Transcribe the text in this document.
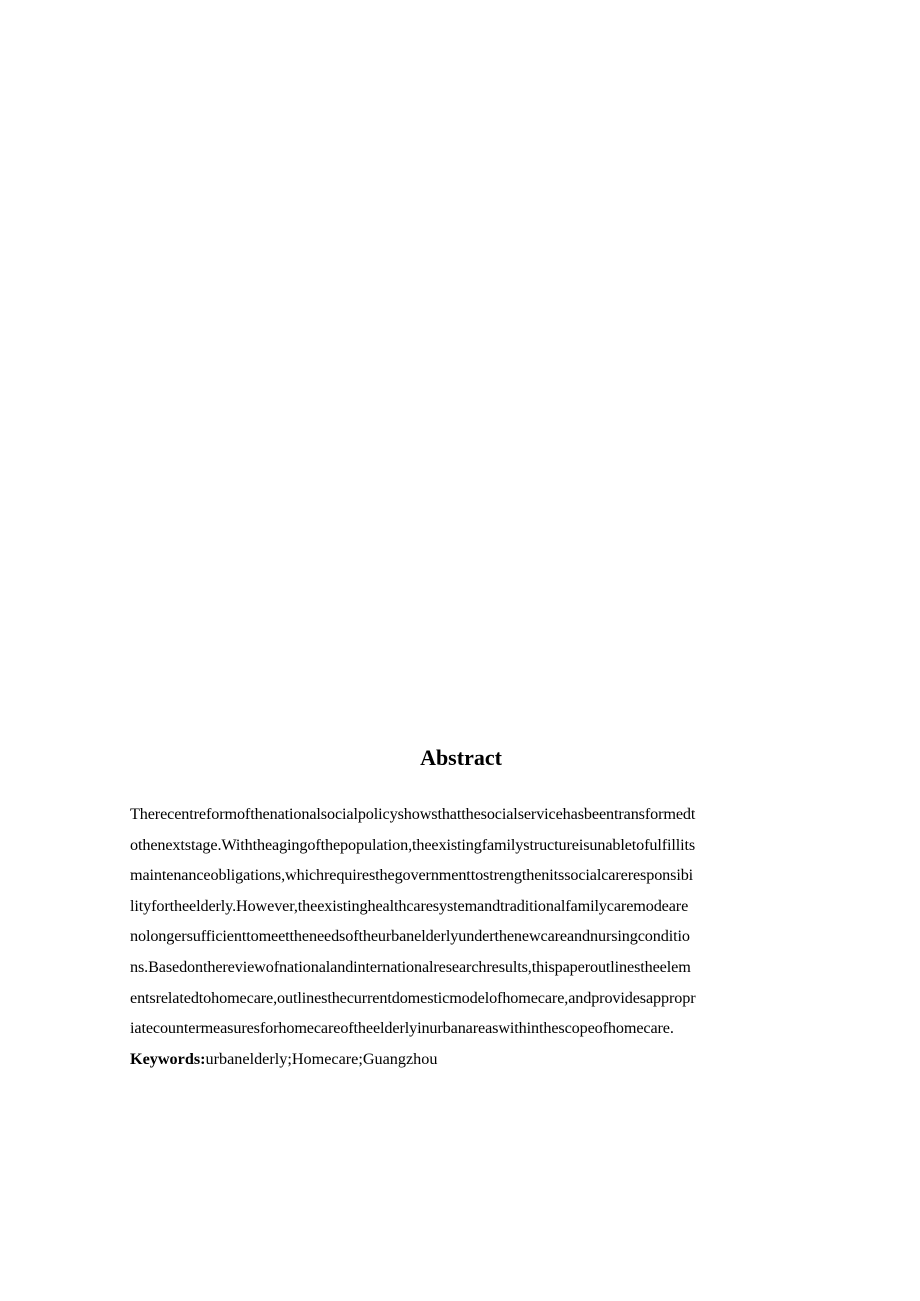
Abstract
Therecentreformofthenationalsocialpolicyshowsthatthesocialservicehasbeentransformedt
othenextstage.Withtheagingofthepopulation,theexistingfamilystructureisunabletofulfillits
maintenanceobligations,whichrequiresthegovernmenttostrengthenitssocialcareresponsibi
lityfortheelderly.However,theexistinghealthcaresystemandtraditionalfamilycaremodeare
nolongersufficienttomeettheneedsoftheurbanelderlyunderthenewcareandnursingconditio
ns.Basedonthereviewofnationalandinternationalresearchresults,thispaperoutlinestheelem
entsrelatedtohomecare,outlinesthecurrentdomesticmodelofhomecare,andprovidesappropr
iatecountermeasuresforhomecareoftheelderlyinurbanareaswithinthescopeofhomecare.
Keywords:urbanelderly;Homecare;Guangzhou
